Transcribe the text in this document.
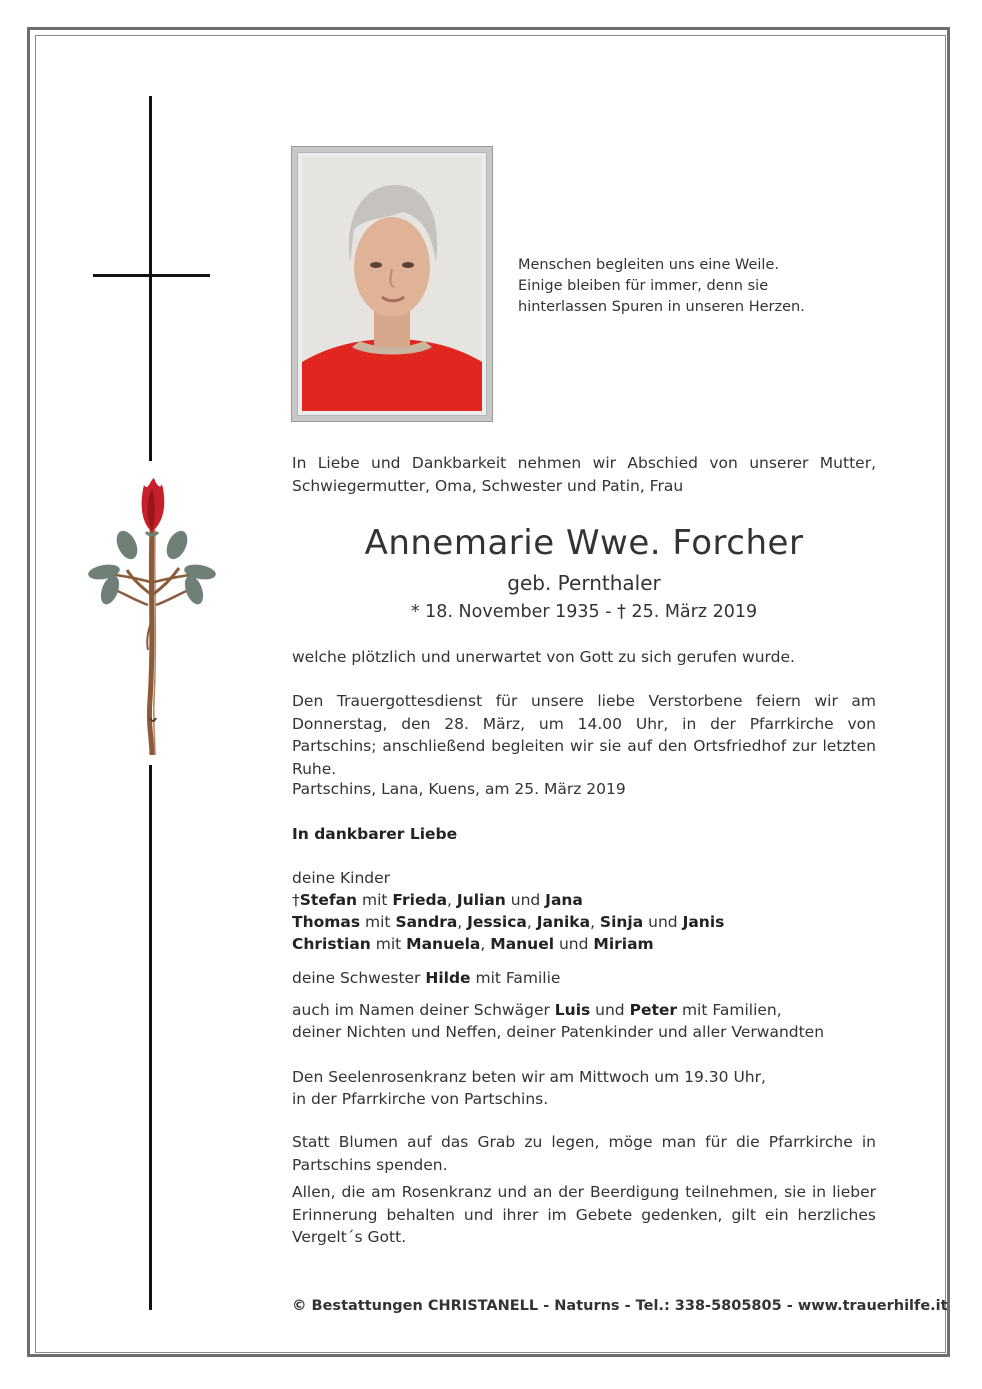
Menschen begleiten uns eine Weile.
Einige bleiben für immer, denn sie
hinterlassen Spuren in unseren Herzen.
In Liebe und Dankbarkeit nehmen wir Abschied von unserer Mutter, Schwiegermutter, Oma, Schwester und Patin, Frau
Annemarie Wwe. Forcher
geb. Pernthaler
* 18. November 1935 - † 25. März 2019
welche plötzlich und unerwartet von Gott zu sich gerufen wurde.
Den Trauergottesdienst für unsere liebe Verstorbene feiern wir am Donnerstag, den 28. März, um 14.00 Uhr, in der Pfarrkirche von Partschins; anschließend begleiten wir sie auf den Ortsfriedhof zur letzten Ruhe.
Partschins, Lana, Kuens, am 25. März 2019
In dankbarer Liebe
deine Kinder
†Stefan mit Frieda, Julian und Jana
Thomas mit Sandra, Jessica, Janika, Sinja und Janis
Christian mit Manuela, Manuel und Miriam
deine Schwester Hilde mit Familie
auch im Namen deiner Schwäger Luis und Peter mit Familien,
deiner Nichten und Neffen, deiner Patenkinder und aller Verwandten
Den Seelenrosenkranz beten wir am Mittwoch um 19.30 Uhr,
in der Pfarrkirche von Partschins.
Statt Blumen auf das Grab zu legen, möge man für die Pfarrkirche in Partschins spenden.
Allen, die am Rosenkranz und an der Beerdigung teilnehmen, sie in lieber Erinnerung behalten und ihrer im Gebete gedenken, gilt ein herzliches Vergelt´s Gott.
© Bestattungen CHRISTANELL - Naturns - Tel.: 338-5805805 - www.trauerhilfe.it
